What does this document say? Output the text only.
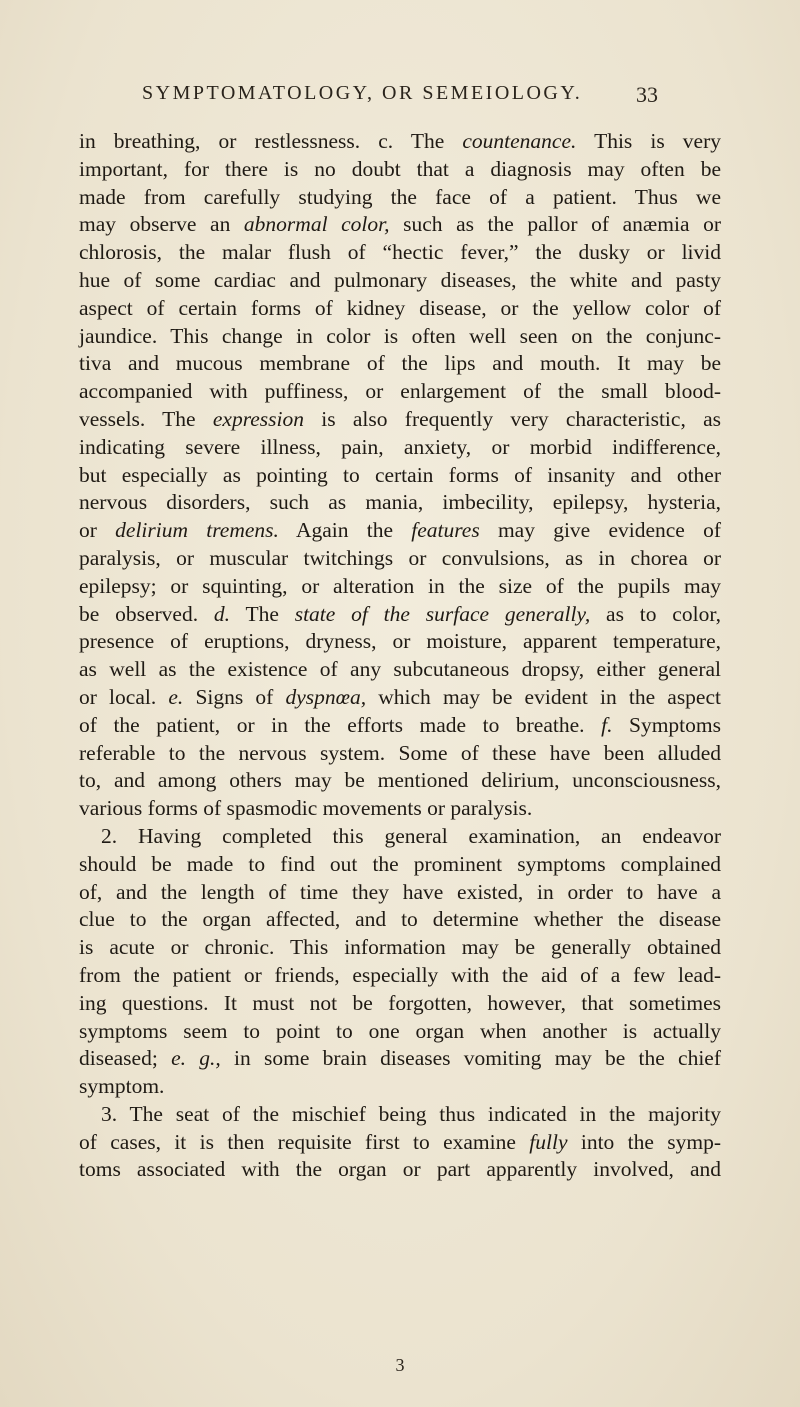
SYMPTOMATOLOGY, OR SEMEIOLOGY. 33
in breathing, or restlessness. c. The countenance. This is very
important, for there is no doubt that a diagnosis may often be
made from carefully studying the face of a patient. Thus we
may observe an abnormal color, such as the pallor of anæmia or
chlorosis, the malar flush of “hectic fever,” the dusky or livid
hue of some cardiac and pulmonary diseases, the white and pasty
aspect of certain forms of kidney disease, or the yellow color of
jaundice. This change in color is often well seen on the conjunc-
tiva and mucous membrane of the lips and mouth. It may be
accompanied with puffiness, or enlargement of the small blood-
vessels. The expression is also frequently very characteristic, as
indicating severe illness, pain, anxiety, or morbid indifference,
but especially as pointing to certain forms of insanity and other
nervous disorders, such as mania, imbecility, epilepsy, hysteria,
or delirium tremens. Again the features may give evidence of
paralysis, or muscular twitchings or convulsions, as in chorea or
epilepsy; or squinting, or alteration in the size of the pupils may
be observed. d. The state of the surface generally, as to color,
presence of eruptions, dryness, or moisture, apparent temperature,
as well as the existence of any subcutaneous dropsy, either general
or local. e. Signs of dyspnœa, which may be evident in the aspect
of the patient, or in the efforts made to breathe. f. Symptoms
referable to the nervous system. Some of these have been alluded
to, and among others may be mentioned delirium, unconsciousness,
various forms of spasmodic movements or paralysis.
2. Having completed this general examination, an endeavor
should be made to find out the prominent symptoms complained
of, and the length of time they have existed, in order to have a
clue to the organ affected, and to determine whether the disease
is acute or chronic. This information may be generally obtained
from the patient or friends, especially with the aid of a few lead-
ing questions. It must not be forgotten, however, that sometimes
symptoms seem to point to one organ when another is actually
diseased; e. g., in some brain diseases vomiting may be the chief
symptom.
3. The seat of the mischief being thus indicated in the majority
of cases, it is then requisite first to examine fully into the symp-
toms associated with the organ or part apparently involved, and
3
